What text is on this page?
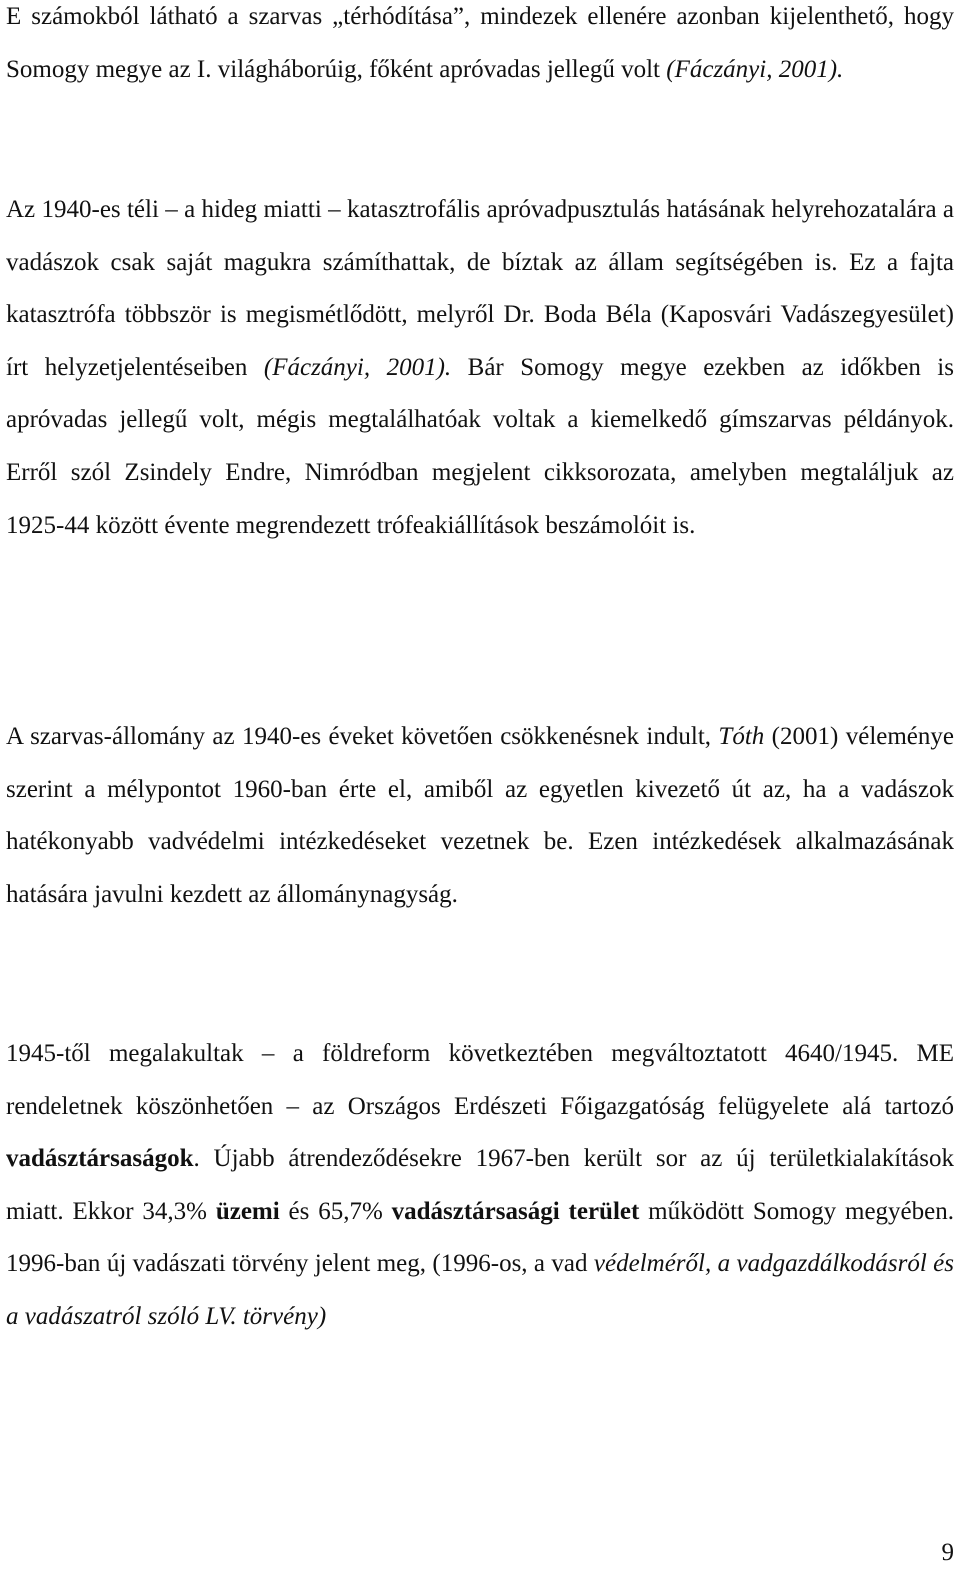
E számokból látható a szarvas „térhódítása”, mindezek ellenére azonban kijelenthető, hogy Somogy megye az I. világháborúig, főként apróvadas jellegű volt (Fáczányi, 2001).

Az 1940-es téli – a hideg miatti – katasztrofális apróvadpusztulás hatásának helyrehozatalára a vadászok csak saját magukra számíthattak, de bíztak az állam segítségében is. Ez a fajta katasztrófa többször is megismétlődött, melyről Dr. Boda Béla (Kaposvári Vadászegyesület) írt helyzetjelentéseiben (Fáczányi, 2001). Bár Somogy megye ezekben az időkben is apróvadas jellegű volt, mégis megtalálhatóak voltak a kiemelkedő gímszarvas példányok. Erről szól Zsindely Endre, Nimródban megjelent cikksorozata, amelyben megtaláljuk az 1925-44 között évente megrendezett trófeakiállítások beszámolóit is.

A szarvas-állomány az 1940-es éveket követően csökkenésnek indult, Tóth (2001) véleménye szerint a mélypontot 1960-ban érte el, amiből az egyetlen kivezető út az, ha a vadászok hatékonyabb vadvédelmi intézkedéseket vezetnek be. Ezen intézkedések alkalmazásának hatására javulni kezdett az állománynagyság.

1945-től megalakultak – a földreform következtében megváltoztatott 4640/1945. ME rendeletnek köszönhetően – az Országos Erdészeti Főigazgatóság felügyelete alá tartozó vadásztársaságok. Újabb átrendeződésekre 1967-ben került sor az új területkialakítások miatt. Ekkor 34,3% üzemi és 65,7% vadásztársasági terület működött Somogy megyében. 1996-ban új vadászati törvény jelent meg, (1996-os, a vad védelméről, a vadgazdálkodásról és a vadászatról szóló LV. törvény)

9
